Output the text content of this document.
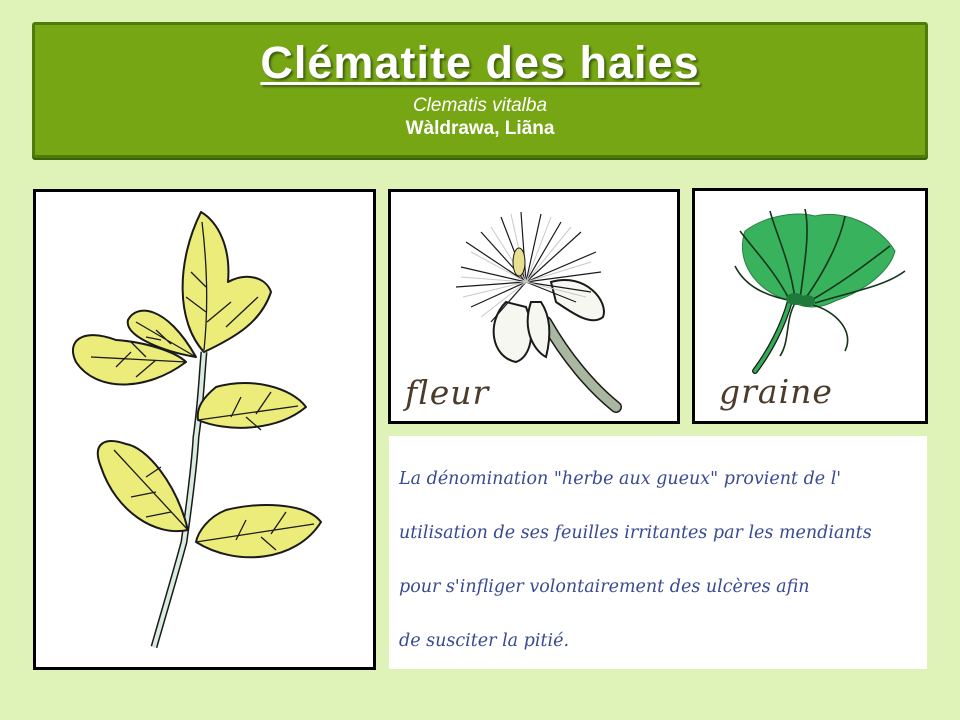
Clématite des haies
Clematis vitalba
Wàldrawa, Liãna
fleur	graine
La dénomination "herbe aux gueux" provient de l'
utilisation de ses feuilles irritantes par les mendiants
pour s'infliger volontairement des ulcères afin
de susciter la pitié.
